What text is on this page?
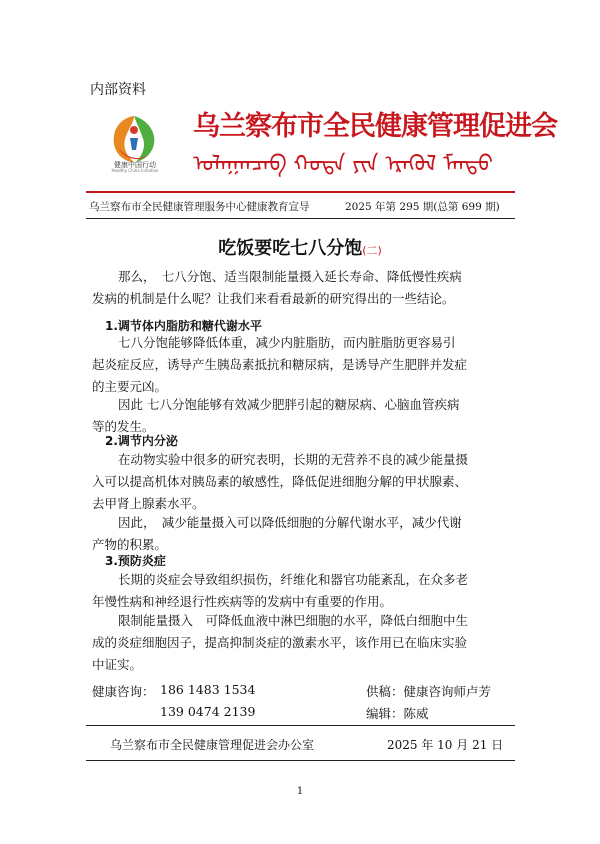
内部资料
健康中国行动
Healthy China Initiative
乌兰察布市全民健康管理促进会
ᠣᠯᠠᠭᠠᠨᠴᠠᠪ ᠬᠣᠲᠠ ᠶᠢᠨ ᠡᠷᠡᠭᠦᠯ ᠮᠡᠨᠳᠦ
乌兰察布市全民健康管理服务中心健康教育宣导	2025 年第 295 期(总第 699 期)
吃饭要吃七八分饱(二)
那么，　七八分饱、适当限制能量摄入延长寿命、降低慢性疾病
发病的机制是什么呢？让我们来看看最新的研究得出的一些结论。
1.调节体内脂肪和糖代谢水平
七八分饱能够降低体重，减少内脏脂肪，而内脏脂肪更容易引
起炎症反应，诱导产生胰岛素抵抗和糖尿病，是诱导产生肥胖并发症
的主要元凶。
因此 七八分饱能够有效减少肥胖引起的糖尿病、心脑血管疾病
等的发生。
2.调节内分泌
在动物实验中很多的研究表明，长期的无营养不良的减少能量摄
入可以提高机体对胰岛素的敏感性，降低促进细胞分解的甲状腺素、
去甲肾上腺素水平。
因此，　减少能量摄入可以降低细胞的分解代谢水平，减少代谢
产物的积累。
3.预防炎症
长期的炎症会导致组织损伤，纤维化和器官功能紊乱，在众多老
年慢性病和神经退行性疾病等的发病中有重要的作用。
限制能量摄入　可降低血液中淋巴细胞的水平，降低白细胞中生
成的炎症细胞因子，提高抑制炎症的激素水平，该作用已在临床实验
中证实。
健康咨询： 186 1483 1534
139 0474 2139
供稿：健康咨询师卢芳
编辑：陈威
乌兰察布市全民健康管理促进会办公室	2025 年 10 月 21 日
1
